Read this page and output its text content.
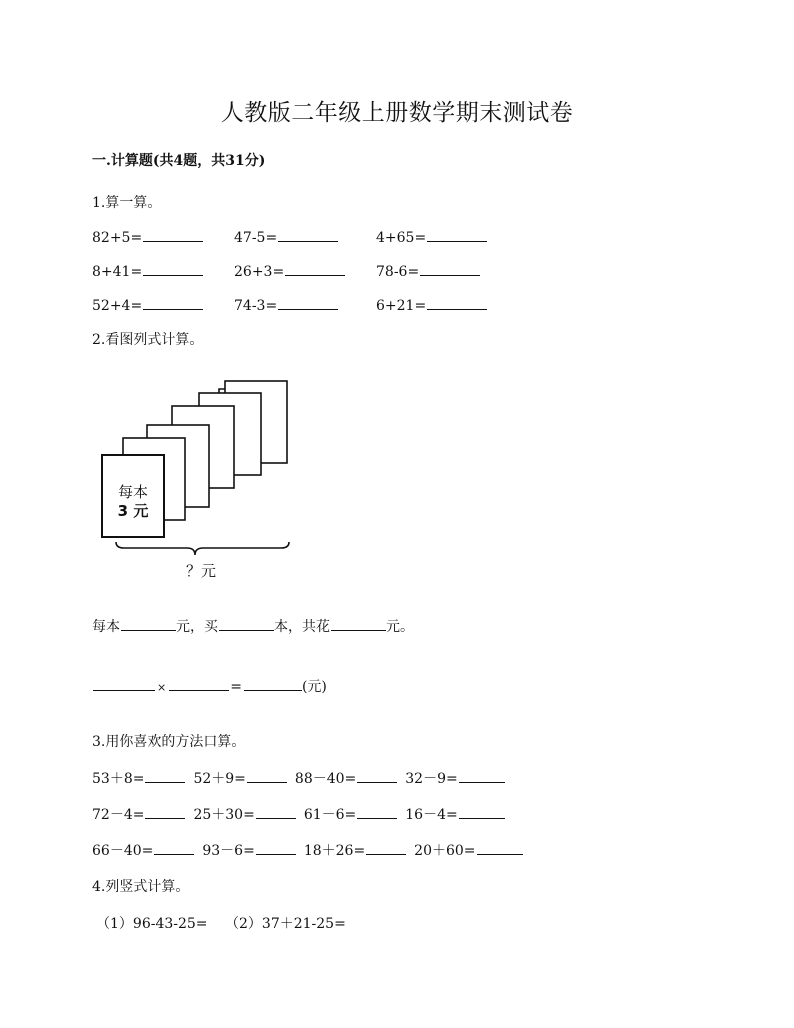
人教版二年级上册数学期末测试卷
一.计算题(共4题，共31分)
1.算一算。
82+5=	47-5=	4+65=
8+41=	26+3=	78-6=
52+4=	74-3=	6+21=
2.看图列式计算。
每本
3 元
？元
每本	元，买	本，共花	元。
×	=	(元)
3.用你喜欢的方法口算。
53＋8=	52＋9=	88－40=	32－9=
72－4=	25＋30=	61－6=	16－4=
66－40=	93－6=	18＋26=	20＋60=
4.列竖式计算。
（1）96-43-25= （2）37＋21-25=
